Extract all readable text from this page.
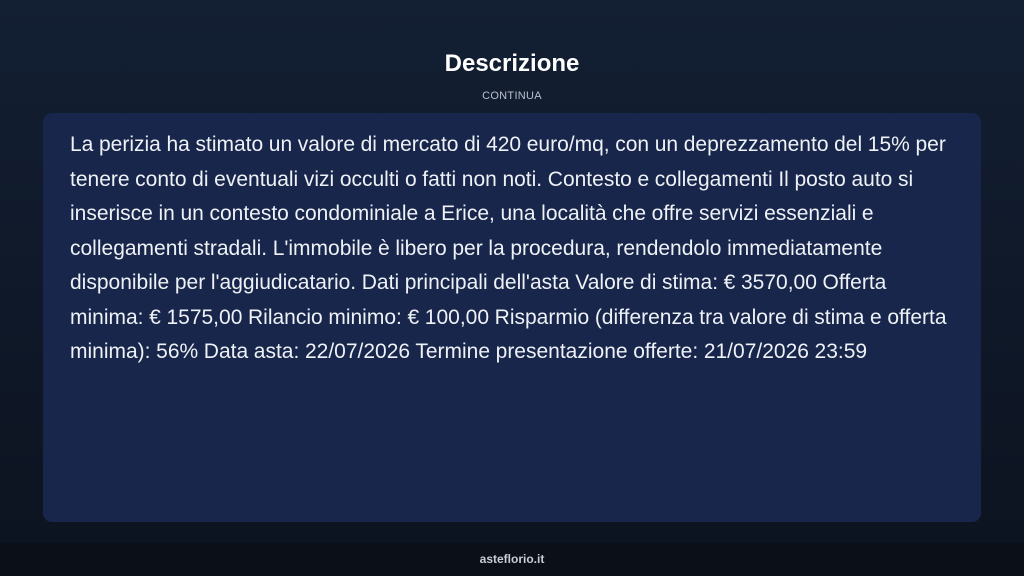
Descrizione
CONTINUA

La perizia ha stimato un valore di mercato di 420 euro/mq, con un deprezzamento del 15% per tenere conto di eventuali vizi occulti o fatti non noti. Contesto e collegamenti Il posto auto si inserisce in un contesto condominiale a Erice, una località che offre servizi essenziali e collegamenti stradali. L'immobile è libero per la procedura, rendendolo immediatamente disponibile per l'aggiudicatario. Dati principali dell'asta Valore di stima: € 3570,00 Offerta minima: € 1575,00 Rilancio minimo: € 100,00 Risparmio (differenza tra valore di stima e offerta minima): 56% Data asta: 22/07/2026 Termine presentazione offerte: 21/07/2026 23:59

asteflorio.it
